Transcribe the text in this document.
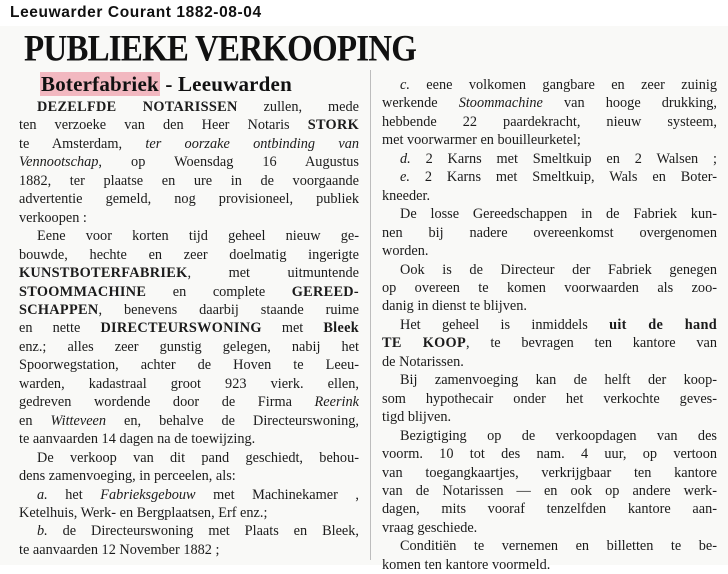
Leeuwarder Courant 1882-08-04
PUBLIEKE VERKOOPING
Boterfabriek - Leeuwarden
DEZELFDE NOTARISSEN zullen, mede
ten verzoeke van den Heer Notaris STORK
te Amsterdam, ter oorzake ontbinding van
Vennootschap, op Woensdag 16 Augustus
1882, ter plaatse en ure in de voorgaande
advertentie gemeld, nog provisioneel, publiek
verkoopen :
Eene voor korten tijd geheel nieuw ge-
bouwde, hechte en zeer doelmatig ingerigte
KUNSTBOTERFABRIEK, met uitmuntende
STOOMMACHINE en complete GEREED-
SCHAPPEN, benevens daarbij staande ruime
en nette DIRECTEURSWONING met Bleek
enz.; alles zeer gunstig gelegen, nabij het
Spoorwegstation, achter de Hoven te Leeu-
warden, kadastraal groot 923 vierk. ellen,
gedreven wordende door de Firma Reerink
en Witteveen en, behalve de Directeurswoning,
te aanvaarden 14 dagen na de toewijzing.
De verkoop van dit pand geschiedt, behou-
dens zamenvoeging, in perceelen, als:
a. het Fabrieksgebouw met Machinekamer ,
Ketelhuis, Werk- en Bergplaatsen, Erf enz.;
b. de Directeurswoning met Plaats en Bleek,
te aanvaarden 12 November 1882 ;
c. eene volkomen gangbare en zeer zuinig
werkende Stoommachine van hooge drukking,
hebbende 22 paardekracht, nieuw systeem,
met voorwarmer en bouilleurketel;
d. 2 Karns met Smeltkuip en 2 Walsen ;
e. 2 Karns met Smeltkuip, Wals en Boter-
kneeder.
De losse Gereedschappen in de Fabriek kun-
nen bij nadere overeenkomst overgenomen
worden.
Ook is de Directeur der Fabriek genegen
op overeen te komen voorwaarden als zoo-
danig in dienst te blijven.
Het geheel is inmiddels uit de hand
TE KOOP, te bevragen ten kantore van
de Notarissen.
Bij zamenvoeging kan de helft der koop-
som hypothecair onder het verkochte geves-
tigd blijven.
Bezigtiging op de verkoopdagen van des
voorm. 10 tot des nam. 4 uur, op vertoon
van toegangkaartjes, verkrijgbaar ten kantore
van de Notarissen — en ook op andere werk-
dagen, mits vooraf tenzelfden kantore aan-
vraag geschiede.
Conditiën te vernemen en billetten te be-
komen ten kantore voormeld.
